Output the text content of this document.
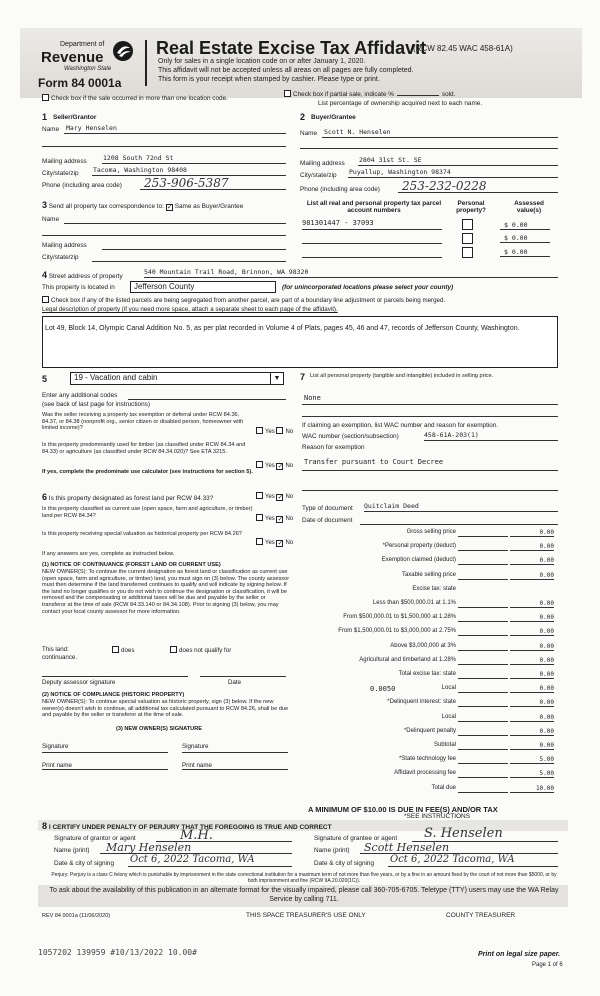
Department of
Revenue
Washington State
Form 84 0001a
Real Estate Excise Tax Affidavit
(RCW 82.45 WAC 458-61A)
Only for sales in a single location code on or after January 1, 2020.
This affidavit will not be accepted unless all areas on all pages are fully completed.
This form is your receipt when stamped by cashier. Please type or print.
Check box if the sale occurred in more than one location code.
Check box if partial sale, indicate %	sold.
List percentage of ownership acquired next to each name.
1 Seller/Grantor
Name	Mary Henselen
Mailing address 1208 South 72nd St
City/state/zip Tacoma, Washington 98408
Phone (including area code)	253-906-5387
2 Buyer/Grantee
Name	Scott N. Henselen
Mailing address 2804 31st St. SE
City/state/zip Puyallup, Washington 98374
Phone (including area code)	253-232-0228
3 Send all property tax correspondence to: ✓ Same as Buyer/Grantee
Name
Mailing address
City/state/zip
List all real and personal property tax parcel account numbers
Personal property?
Assessed value(s)
981301447 - 37093	$ 0.00
$ 0.00
$ 0.00
4 Street address of property
540 Mountain Trail Road, Brinnon, WA 98320
This property is located in	Jefferson County	(for unincorporated locations please select your county)
Check box if any of the listed parcels are being segregated from another parcel, are part of a boundary line adjustment or parcels being merged.
Legal description of property (if you need more space, attach a separate sheet to each page of the affidavit).
Lot 49, Block 14, Olympic Canal Addition No. 5, as per plat recorded in Volume 4 of Plats, pages 45, 46 and 47, records of Jefferson County, Washington.
5	19 - Vacation and cabin	▼
Enter any additional codes
(see back of last page for instructions)
Was the seller receiving a property tax exemption or deferral under RCW 84.36, 84.37, or 84.38 (nonprofit org., senior citizen or disabled person, homeowner with limited income)?
Yes No
Is this property predominantly used for timber (as classified under RCW 84.34 and 84.33) or agriculture (as classified under RCW 84.34.020)? See ETA 3215.
Yes ✓ No
If yes, complete the predominate use calculator (see instructions for section 5).
6 Is this property designated as forest land per RCW 84.33?	Yes ✓ No
Is this property classified as current use (open space, farm and agriculture, or timber) land per RCW 84.34?
Yes ✓ No
Is this property receiving special valuation as historical property per RCW 84.26?
Yes ✓ No
If any answers are yes, complete as instructed below.
(1) NOTICE OF CONTINUANCE (FOREST LAND OR CURRENT USE)
NEW OWNER(S): To continue the current designation as forest land or classification as current use (open space, farm and agriculture, or timber) land, you must sign on (3) below. The county assessor must then determine if the land transferred continues to qualify and will indicate by signing below. If the land no longer qualifies or you do not wish to continue the designation or classification, it will be removed and the compensating or additional taxes will be due and payable by the seller or transferor at the time of sale (RCW 84.33.140 or 84.34.108). Prior to signing (3) below, you may contact your local county assessor for more information.
This land:	does	does not qualify for
continuance.
Deputy assessor signature	Date
(2) NOTICE OF COMPLIANCE (HISTORIC PROPERTY)
NEW OWNER(S): To continue special valuation as historic property, sign (3) below. If the new owner(s) doesn't wish to continue, all additional tax calculated pursuant to RCW 84.26, shall be due and payable by the seller or transferor at the time of sale.
(3) NEW OWNER(S) SIGNATURE
Signature	Signature
Print name	Print name
7 List all personal property (tangible and intangible) included in selling price.
None
If claiming an exemption, list WAC number and reason for exemption.
WAC number (section/subsection)	458-61A-203(1)
Reason for exemption
Transfer pursuant to Court Decree
Type of document Quitclaim Deed
Date of document
Gross selling price	0.00
*Personal property (deduct)	0.00
Exemption claimed (deduct)	0.00
Taxable selling price	0.00
Excise tax: state
Less than $500,000.01 at 1.1%	0.00
From $500,000.01 to $1,500,000 at 1.28%	0.00
From $1,500,000.01 to $3,000,000 at 2.75%	0.00
Above $3,000,000 at 3%	0.00
Agricultural and timberland at 1.28%	0.00
Total excise tax: state	0.00
Local
0.0050	0.00
*Delinquent interest: state	0.00
Local	0.00
*Delinquent penalty	0.00
Subtotal	0.00
*State technology fee	5.00
Affidavit processing fee	5.00
Total due	10.00
A MINIMUM OF $10.00 IS DUE IN FEE(S) AND/OR TAX
*SEE INSTRUCTIONS
8 I CERTIFY UNDER PENALTY OF PERJURY THAT THE FOREGOING IS TRUE AND CORRECT
Signature of grantor or agent	M.H.
Name (print)	Mary Henselen
Date & city of signing Oct 6, 2022 Tacoma, WA
Signature of grantee or agent	S. Henselen
Name (print)	Scott Henselen
Date & city of signing Oct 6, 2022 Tacoma, WA
Perjury: Perjury is a class C felony which is punishable by imprisonment in the state correctional institution for a maximum term of not more than five years, or by a fine in an amount fixed by the court of not more than $5000, or by both imprisonment and fine (RCW 9A.20.020(1C)).
To ask about the availability of this publication in an alternate format for the visually impaired, please call 360-705-6705. Teletype (TTY) users may use the WA Relay Service by calling 711.
REV 84 0001a (11/06/2020)	THIS SPACE TREASURER'S USE ONLY	COUNTY TREASURER
1057202 139959 #10/13/2022 10.00#	Print on legal size paper.
Page 1 of 6
